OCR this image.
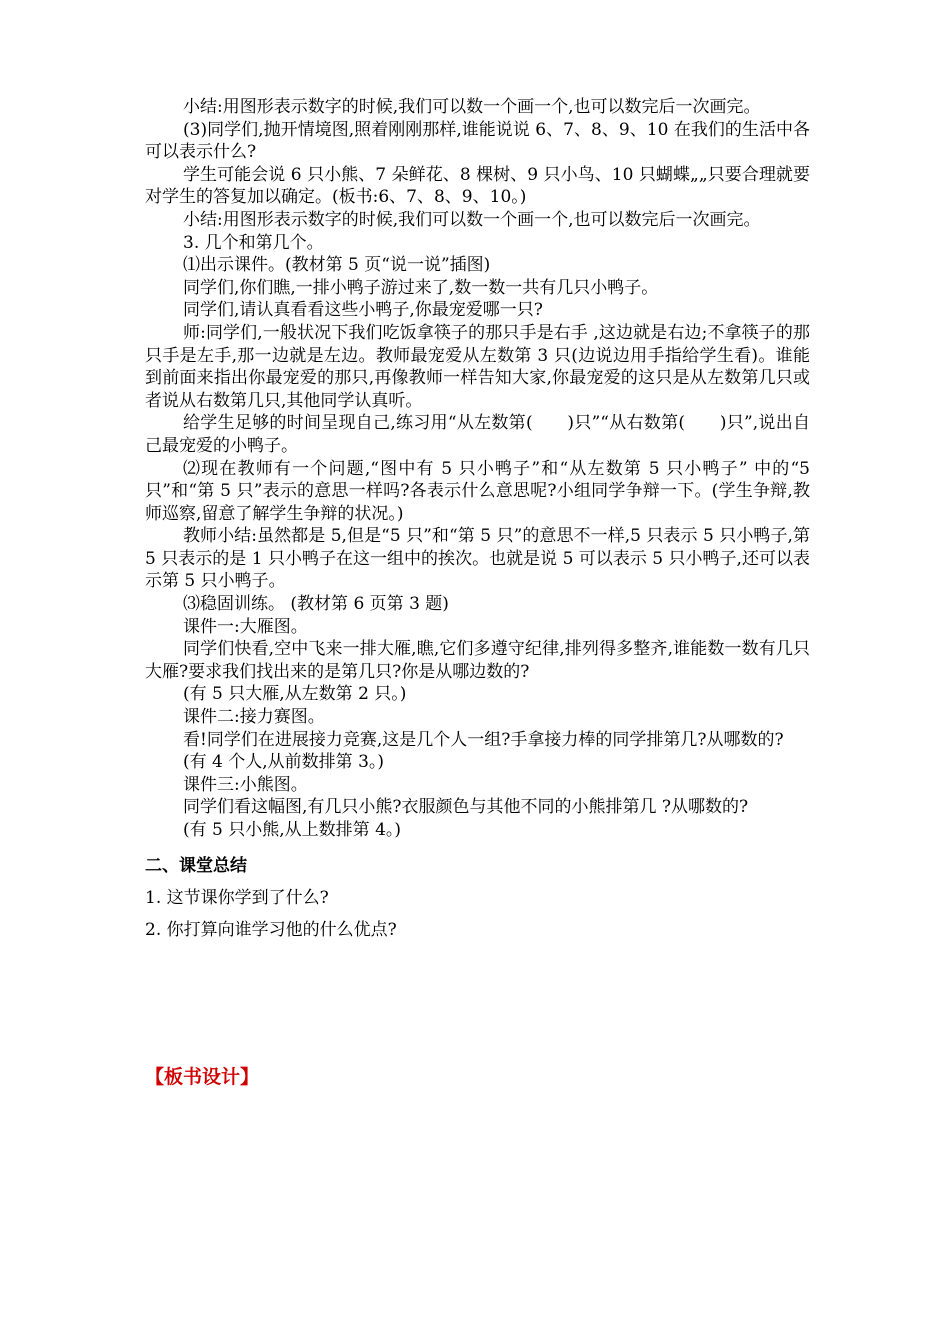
小结:用图形表示数字的时候,我们可以数一个画一个,也可以数完后一次画完。

(3)同学们,抛开情境图,照着刚刚那样,谁能说说 6、7、8、9、10 在我们的生活中各可以表示什么?

学生可能会说 6 只小熊、7 朵鲜花、8 棵树、9 只小鸟、10 只蝴蝶„„只要合理就要对学生的答复加以确定。(板书:6、7、8、9、10。)

小结:用图形表示数字的时候,我们可以数一个画一个,也可以数完后一次画完。

3. 几个和第几个。

⑴出示课件。(教材第 5 页“说一说”插图)

同学们,你们瞧,一排小鸭子游过来了,数一数一共有几只小鸭子。

同学们,请认真看看这些小鸭子,你最宠爱哪一只?

师:同学们,一般状况下我们吃饭拿筷子的那只手是右手 ,这边就是右边;不拿筷子的那只手是左手,那一边就是左边。教师最宠爱从左数第 3 只(边说边用手指给学生看)。谁能到前面来指出你最宠爱的那只,再像教师一样告知大家,你最宠爱的这只是从左数第几只或者说从右数第几只,其他同学认真听。

给学生足够的时间呈现自己,练习用“从左数第(　　)只”“从右数第(　　)只”,说出自己最宠爱的小鸭子。

⑵现在教师有一个问题,“图中有 5 只小鸭子”和“从左数第 5 只小鸭子” 中的“5 只”和“第 5 只”表示的意思一样吗?各表示什么意思呢?小组同学争辩一下。(学生争辩,教师巡察,留意了解学生争辩的状况。)

教师小结:虽然都是 5,但是“5 只”和“第 5 只”的意思不一样,5 只表示 5 只小鸭子,第 5 只表示的是 1 只小鸭子在这一组中的挨次。也就是说 5 可以表示 5 只小鸭子,还可以表示第 5 只小鸭子。

⑶稳固训练。 (教材第 6 页第 3 题)

课件一:大雁图。

同学们快看,空中飞来一排大雁,瞧,它们多遵守纪律,排列得多整齐,谁能数一数有几只大雁?要求我们找出来的是第几只?你是从哪边数的?

(有 5 只大雁,从左数第 2 只。)

课件二:接力赛图。

看!同学们在进展接力竞赛,这是几个人一组?手拿接力棒的同学排第几?从哪数的?

(有 4 个人,从前数排第 3。)

课件三:小熊图。

同学们看这幅图,有几只小熊?衣服颜色与其他不同的小熊排第几 ?从哪数的?

(有 5 只小熊,从上数排第 4。)

二、课堂总结
1. 这节课你学到了什么?
2. 你打算向谁学习他的什么优点?
【板书设计】
